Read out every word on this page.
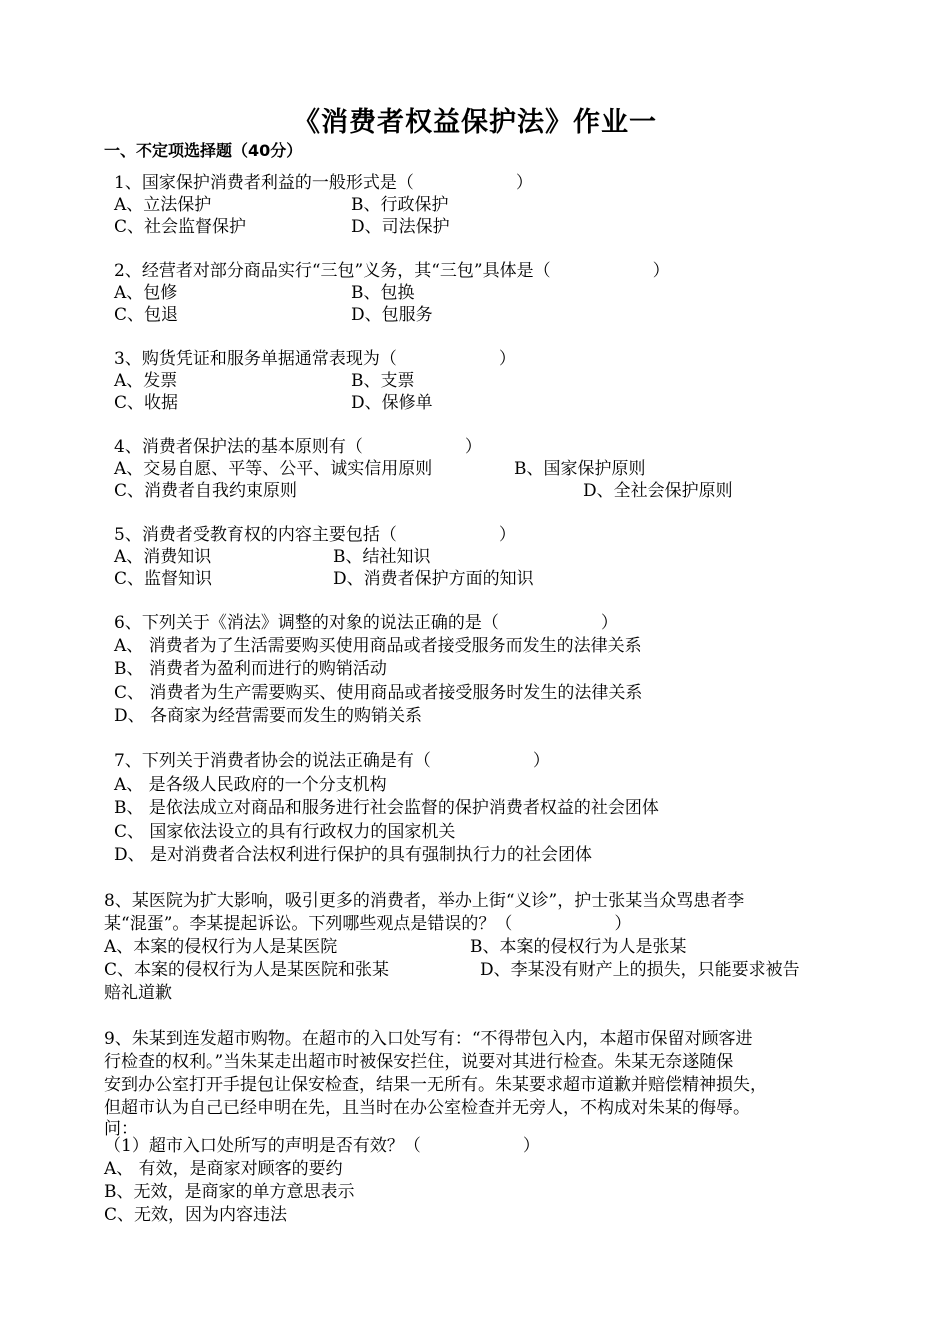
《消费者权益保护法》作业一
一、不定项选择题（40分）
1、国家保护消费者利益的一般形式是（　　　　　　）
A、立法保护	B、行政保护
C、社会监督保护	D、司法保护
2、经营者对部分商品实行“三包”义务，其“三包”具体是（　　　　　　）
A、包修	B、包换
C、包退	D、包服务
3、购货凭证和服务单据通常表现为（　　　　　　）
A、发票	B、支票
C、收据	D、保修单
4、消费者保护法的基本原则有（　　　　　　）
A、交易自愿、平等、公平、诚实信用原则	B、国家保护原则
C、消费者自我约束原则	D、全社会保护原则
5、消费者受教育权的内容主要包括（　　　　　　）
A、消费知识	B、结社知识
C、监督知识	D、消费者保护方面的知识
6、下列关于《消法》调整的对象的说法正确的是（　　　　　　）
A、 消费者为了生活需要购买使用商品或者接受服务而发生的法律关系
B、 消费者为盈利而进行的购销活动
C、 消费者为生产需要购买、使用商品或者接受服务时发生的法律关系
D、 各商家为经营需要而发生的购销关系
7、下列关于消费者协会的说法正确是有（　　　　　　）
A、 是各级人民政府的一个分支机构
B、 是依法成立对商品和服务进行社会监督的保护消费者权益的社会团体
C、 国家依法设立的具有行政权力的国家机关
D、 是对消费者合法权利进行保护的具有强制执行力的社会团体
8、某医院为扩大影响，吸引更多的消费者，举办上街“义诊”，护士张某当众骂患者李
某“混蛋”。李某提起诉讼。下列哪些观点是错误的？（　　　　　　）
A、本案的侵权行为人是某医院	B、本案的侵权行为人是张某
C、本案的侵权行为人是某医院和张某	D、李某没有财产上的损失，只能要求被告
赔礼道歉
9、朱某到连发超市购物。在超市的入口处写有：“不得带包入内，本超市保留对顾客进
行检查的权利。”当朱某走出超市时被保安拦住，说要对其进行检查。朱某无奈遂随保
安到办公室打开手提包让保安检查，结果一无所有。朱某要求超市道歉并赔偿精神损失，
但超市认为自己已经申明在先，且当时在办公室检查并无旁人，不构成对朱某的侮辱。
问：
（1）超市入口处所写的声明是否有效？（　　　　　　）
A、 有效，是商家对顾客的要约
B、无效，是商家的单方意思表示
C、无效，因为内容违法
